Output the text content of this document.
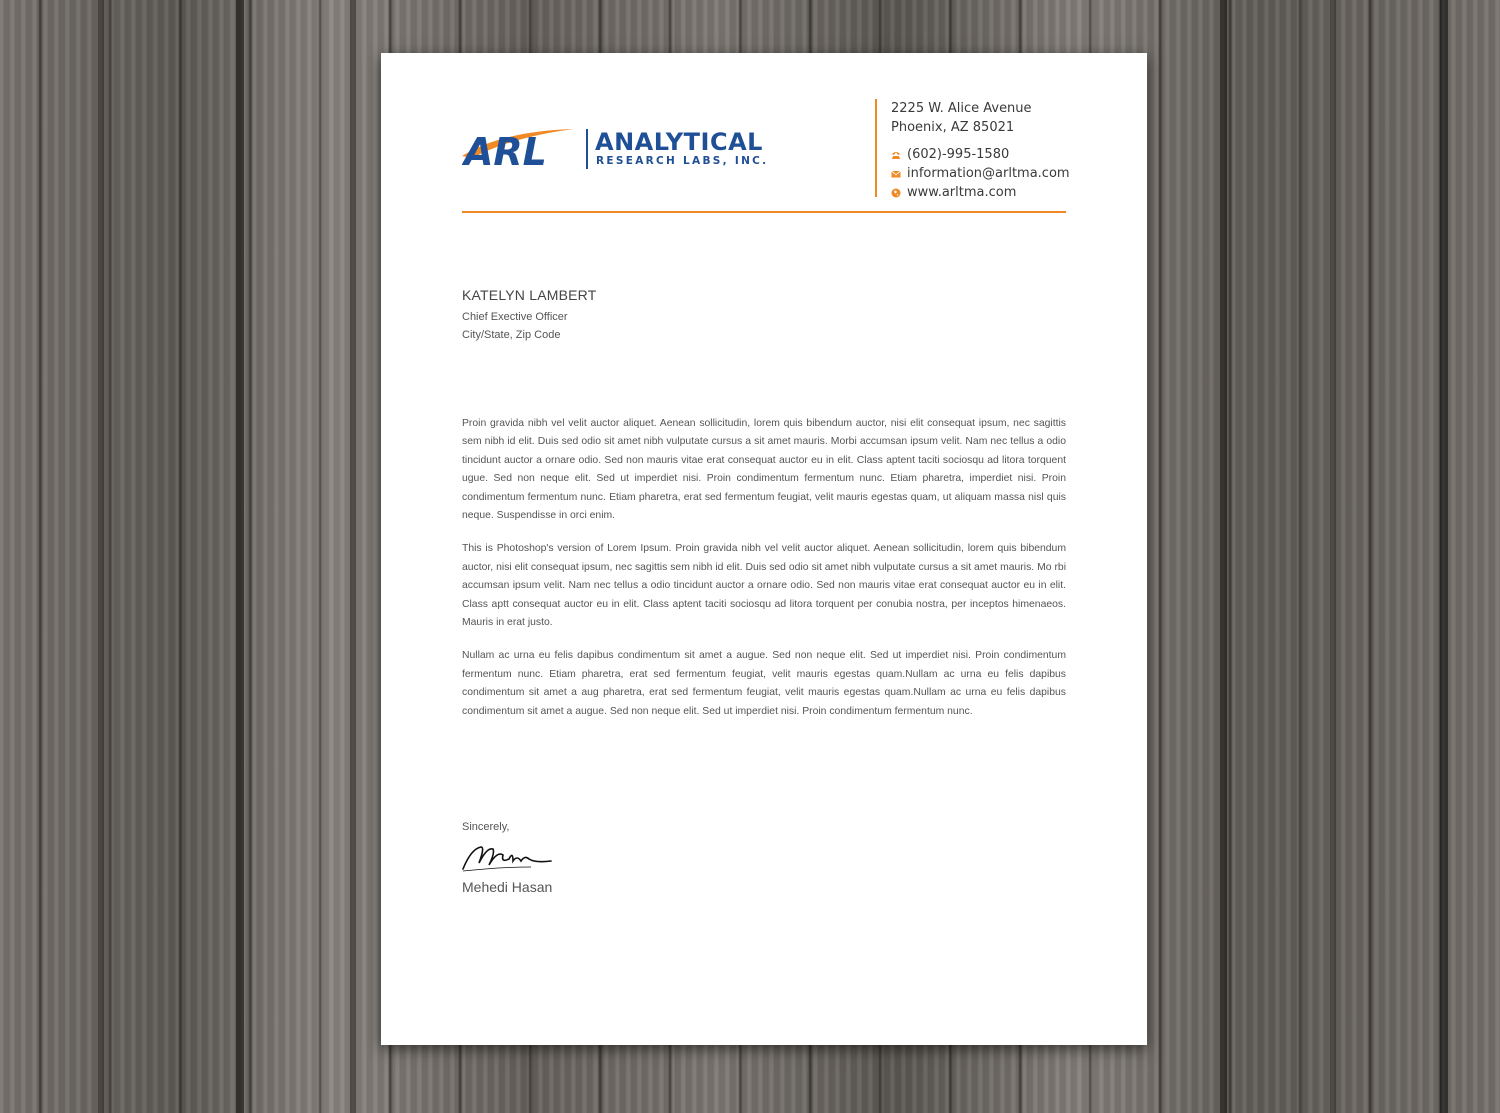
ARL ANALYTICAL
RESEARCH LABS, INC.
2225 W. Alice Avenue
Phoenix, AZ 85021
(602)-995-1580
information@arltma.com
www.arltma.com
KATELYN LAMBERT
Chief Exective Officer
City/State, Zip Code

Proin gravida nibh vel velit auctor aliquet. Aenean sollicitudin, lorem quis bibendum auctor, nisi elit consequat ipsum, nec sagittis sem nibh id elit. Duis sed odio sit amet nibh vulputate cursus a sit amet mauris. Morbi accumsan ipsum velit. Nam nec tellus a odio tincidunt auctor a ornare odio. Sed non mauris vitae erat consequat auctor eu in elit. Class aptent taciti sociosqu ad litora torquent ugue. Sed non neque elit. Sed ut imperdiet nisi. Proin condimentum fermentum nunc. Etiam pharetra, imperdiet nisi. Proin condimentum fermentum nunc. Etiam pharetra, erat sed fermentum feugiat, velit mauris egestas quam, ut aliquam massa nisl quis neque. Suspendisse in orci enim.

This is Photoshop's version of Lorem Ipsum. Proin gravida nibh vel velit auctor aliquet. Aenean sollicitudin, lorem quis bibendum auctor, nisi elit consequat ipsum, nec sagittis sem nibh id elit. Duis sed odio sit amet nibh vulputate cursus a sit amet mauris. Mo rbi accumsan ipsum velit. Nam nec tellus a odio tincidunt auctor a ornare odio. Sed non mauris vitae erat consequat auctor eu in elit. Class aptt consequat auctor eu in elit. Class aptent taciti sociosqu ad litora torquent per conubia nostra, per inceptos himenaeos. Mauris in erat justo.

Nullam ac urna eu felis dapibus condimentum sit amet a augue. Sed non neque elit. Sed ut imperdiet nisi. Proin condimentum fermentum nunc. Etiam pharetra, erat sed fermentum feugiat, velit mauris egestas quam.Nullam ac urna eu felis dapibus condimentum sit amet a aug pharetra, erat sed fermentum feugiat, velit mauris egestas quam.Nullam ac urna eu felis dapibus condimentum sit amet a augue. Sed non neque elit. Sed ut imperdiet nisi. Proin condimentum fermentum nunc.

Sincerely,
Mehedi Hasan
